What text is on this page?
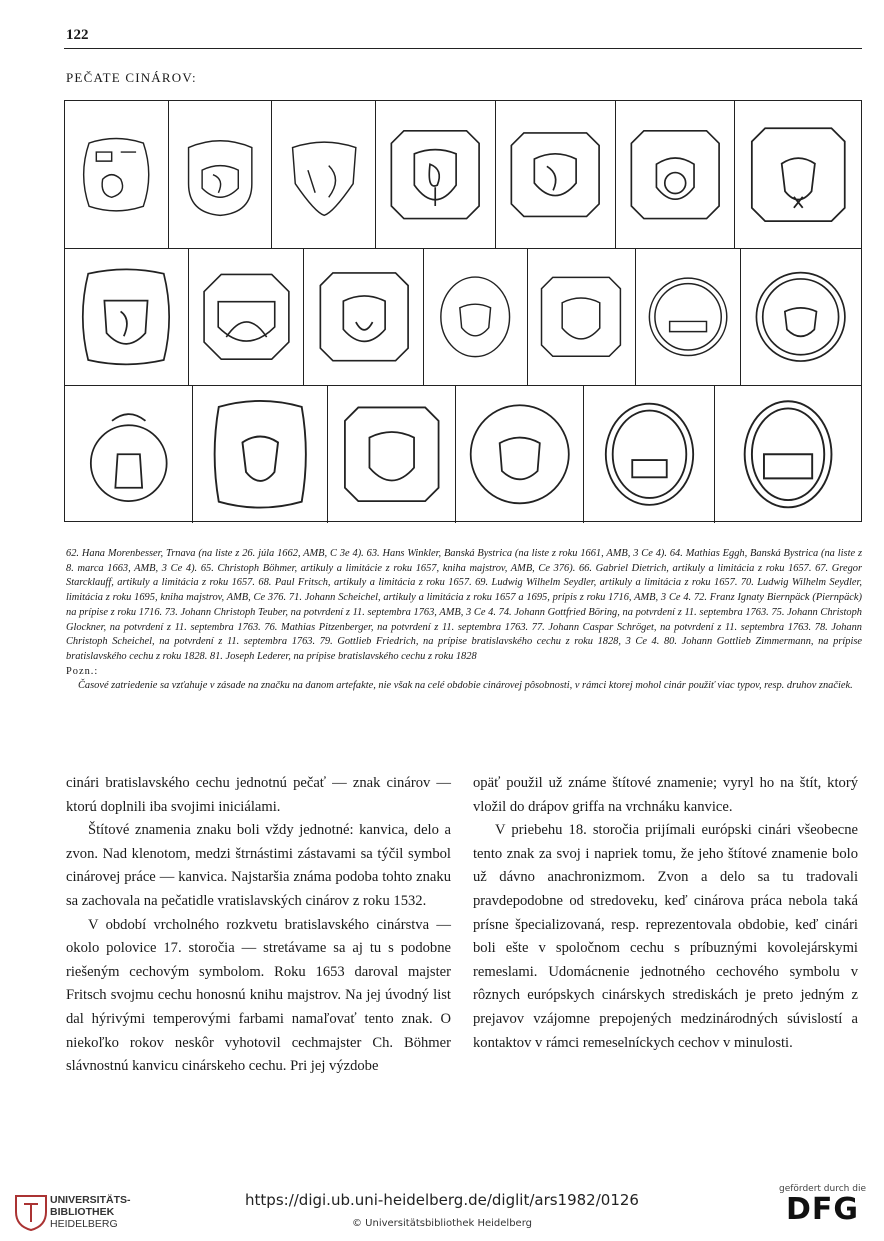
122
PEČATE CINÁROV:

62. Hana Morenbesser, Trnava (na liste z 26. júla 1662, AMB, C 3e 4). 63. Hans Winkler, Banská Bystrica (na liste z roku 1661, AMB, 3 Ce 4). 64. Mathias Eggh, Banská Bystrica (na liste z 8. marca 1663, AMB, 3 Ce 4). 65. Christoph Böhmer, artikuly a limitácie z roku 1657, kniha majstrov, AMB, Ce 376). 66. Gabriel Dietrich, artikuly a limitácia z roku 1657. 67. Gregor Starcklauff, artikuly a limitácia z roku 1657. 68. Paul Fritsch, artikuly a limitácia z roku 1657. 69. Ludwig Wilhelm Seydler, artikuly a limitácia z roku 1657. 70. Ludwig Wilhelm Seydler, limitácia z roku 1695, kniha majstrov, AMB, Ce 376. 71. Johann Scheichel, artikuly a limitácia z roku 1657 a 1695, prípis z roku 1716, AMB, 3 Ce 4. 72. Franz Ignaty Biernpäck (Piernpäck) na prípise z roku 1716. 73. Johann Christoph Teuber, na potvrdení z 11. septembra 1763, AMB, 3 Ce 4. 74. Johann Gottfried Böring, na potvrdení z 11. septembra 1763. 75. Johann Christoph Glockner, na potvrdení z 11. septembra 1763. 76. Mathias Pitzenberger, na potvrdení z 11. septembra 1763. 77. Johann Caspar Schröget, na potvrdení z 11. septembra 1763. 78. Johann Christoph Scheichel, na potvrdení z 11. septembra 1763. 79. Gottlieb Friedrich, na prípise bratislavského cechu z roku 1828, 3 Ce 4. 80. Johann Gottlieb Zimmermann, na prípise bratislavského cechu z roku 1828. 81. Joseph Lederer, na prípise bratislavského cechu z roku 1828

Pozn.:

Časové zatriedenie sa vzťahuje v zásade na značku na danom artefakte, nie však na celé obdobie cinárovej pôsobnosti, v rámci ktorej mohol cinár použiť viac typov, resp. druhov značiek.

cinári bratislavského cechu jednotnú pečať — znak cinárov — ktorú doplnili iba svojimi iniciálami.

Štítové znamenia znaku boli vždy jednotné: kanvica, delo a zvon. Nad klenotom, medzi štrnástimi zástavami sa týčil symbol cinárovej práce — kanvica. Najstaršia známa podoba tohto znaku sa zachovala na pečatidle vratislavských cinárov z roku 1532.

V období vrcholného rozkvetu bratislavského cinárstva — okolo polovice 17. storočia — stretávame sa aj tu s podobne riešeným cechovým symbolom. Roku 1653 daroval majster Fritsch svojmu cechu honosnú knihu majstrov. Na jej úvodný list dal hýrivými temperovými farbami namaľovať tento znak. O niekoľko rokov neskôr vyhotovil cechmajster Ch. Böhmer slávnostnú kanvicu cinárskeho cechu. Pri jej výzdobe

opäť použil už známe štítové znamenie; vyryl ho na štít, ktorý vložil do drápov griffa na vrchnáku kanvice.

V priebehu 18. storočia prijímali európski cinári všeobecne tento znak za svoj i napriek tomu, že jeho štítové znamenie bolo už dávno anachronizmom. Zvon a delo sa tu tradovali pravdepodobne od stredoveku, keď cinárova práca nebola taká prísne špecializovaná, resp. reprezentovala obdobie, keď cinári boli ešte v spoločnom cechu s príbuznými kovolejárskymi remeslami. Udomácnenie jednotného cechového symbolu v rôznych európskych cinárskych strediskách je preto jedným z prejavov vzájomne prepojených medzinárodných súvislostí a kontaktov v rámci remeselníckych cechov v minulosti.

UNIVERSITÄTS-
BIBLIOTHEK
HEIDELBERG
https://digi.ub.uni-heidelberg.de/diglit/ars1982/0126
© Universitätsbibliothek Heidelberg
gefördert durch die
DFG
